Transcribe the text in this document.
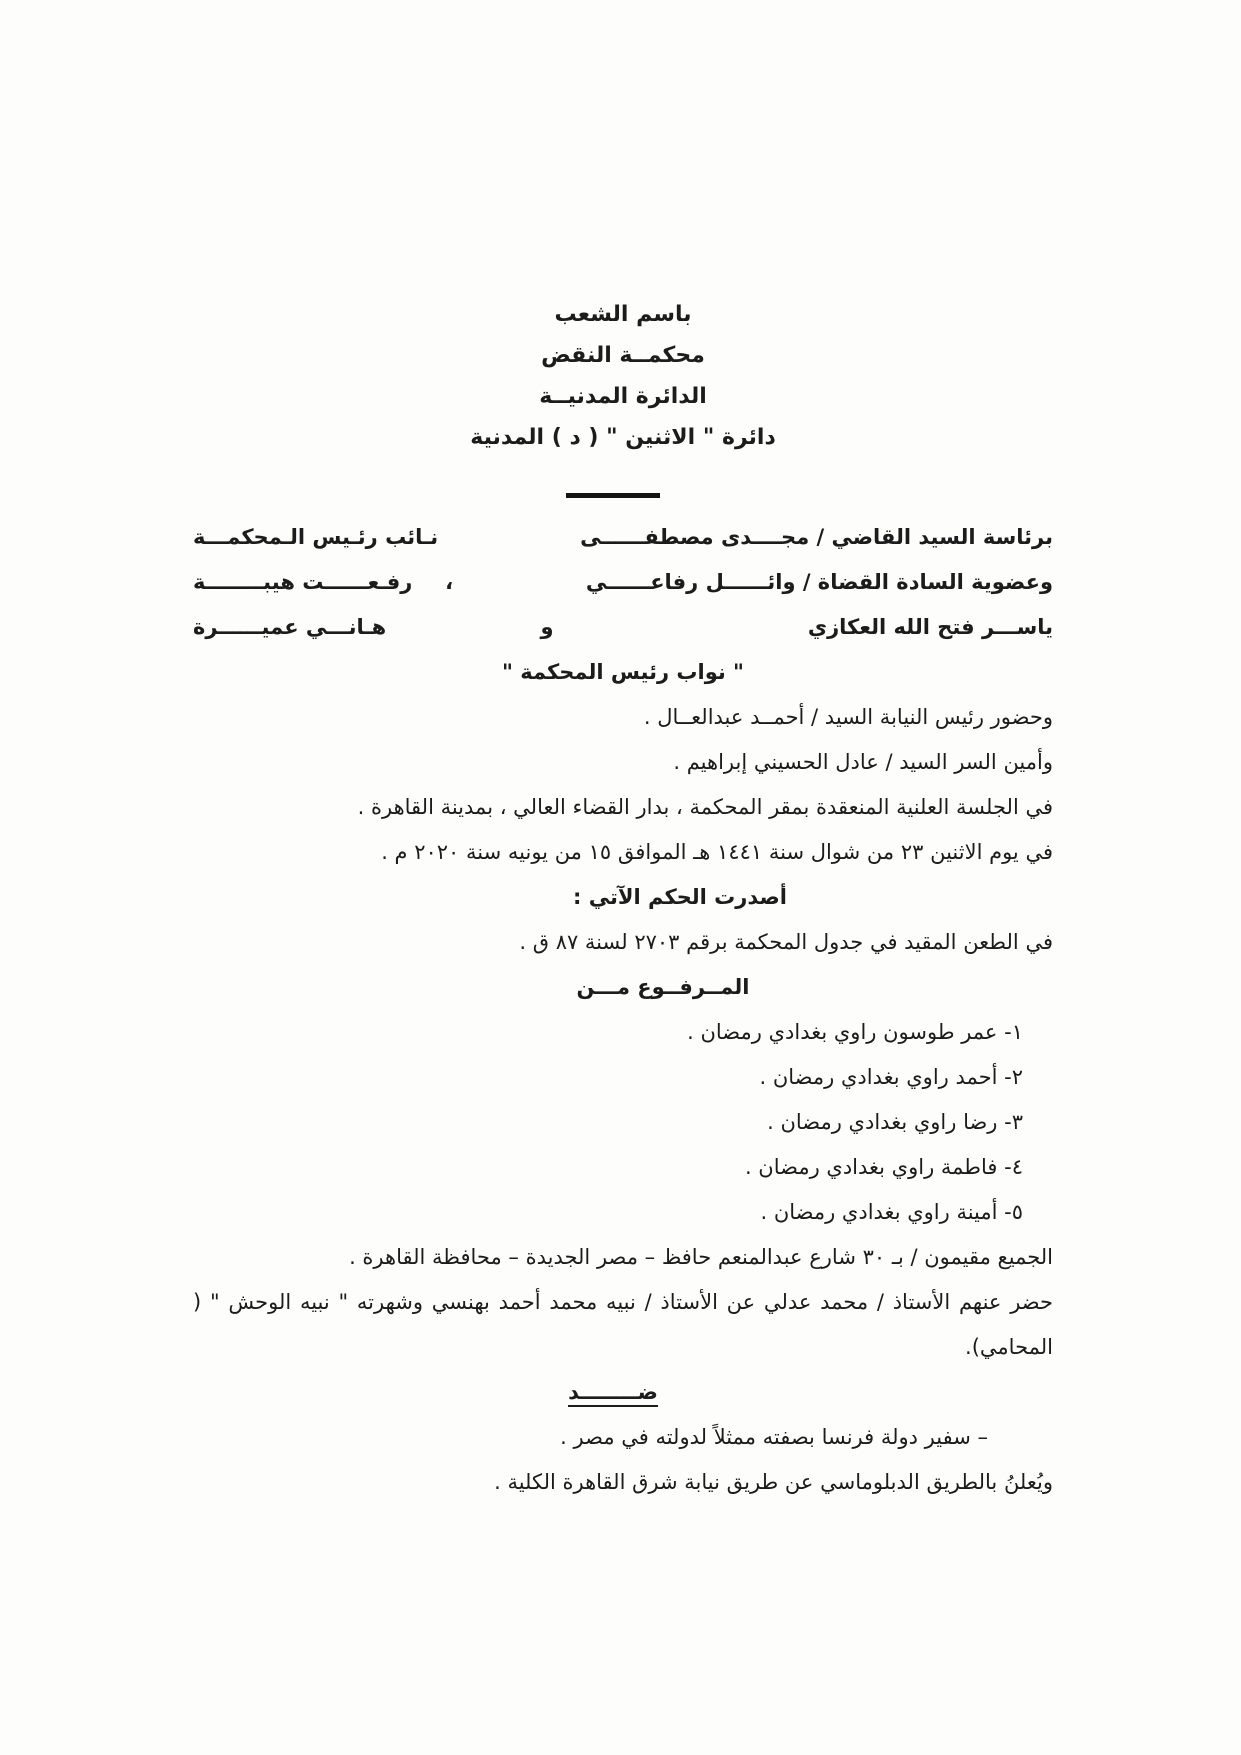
باسم الشعب
محكمــة النقض
الدائرة المدنيــة
دائرة " الاثنين " ( د ) المدنية
برئاسة السيد القاضي / مجــــدى مصطفــــــى
نـائب رئـيس الـمحكمـــة
وعضوية السادة القضاة / وائــــــل رفاعــــــي
،
رفـعــــــت هيبــــــــة
ياســـر فتح الله العكازي
و
هـانـــي عميــــــرة
" نواب رئيس المحكمة "
وحضور رئيس النيابة السيد / أحمــد عبدالعــال .
وأمين السر السيد / عادل الحسيني إبراهيم .
في الجلسة العلنية المنعقدة بمقر المحكمة ، بدار القضاء العالي ، بمدينة القاهرة .
في يوم الاثنين ٢٣ من شوال سنة ١٤٤١ هـ الموافق ١٥ من يونيه سنة ٢٠٢٠ م .
أصدرت الحكم الآتي :
في الطعن المقيد في جدول المحكمة برقم ٢٧٠٣ لسنة ٨٧ ق .
المــرفــوع مـــن
١- عمر طوسون راوي بغدادي رمضان .
٢- أحمد راوي بغدادي رمضان .
٣- رضا راوي بغدادي رمضان .
٤- فاطمة راوي بغدادي رمضان .
٥- أمينة راوي بغدادي رمضان .
الجميع مقيمون / بـ ٣٠ شارع عبدالمنعم حافظ – مصر الجديدة – محافظة القاهرة .
حضر عنهم الأستاذ / محمد عدلي عن الأستاذ / نبيه محمد أحمد بهنسي وشهرته " نبيه الوحش " (
المحامي).
ضــــــــد
– سفير دولة فرنسا بصفته ممثلاً لدولته في مصر .
ويُعلنُ بالطريق الدبلوماسي عن طريق نيابة شرق القاهرة الكلية .
